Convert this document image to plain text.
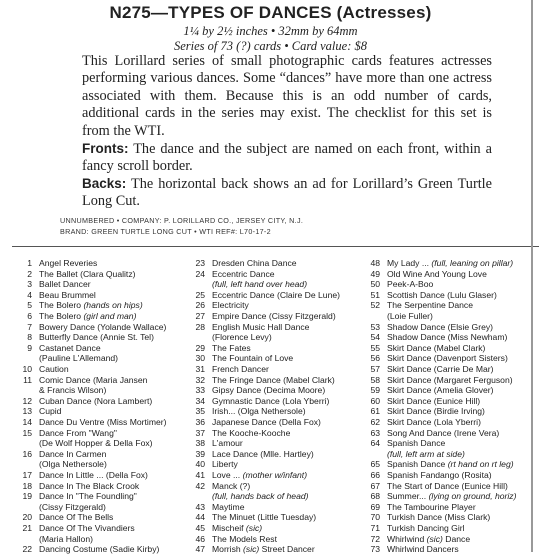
N275—TYPES OF DANCES (Actresses)
1¼ by 2½ inches • 32mm by 64mm
Series of 73 (?) cards • Card value: $8
This Lorillard series of small photographic cards features actresses performing various dances. Some “dances” have more than one actress associated with them. Because this is an odd number of cards, additional cards in the series may exist. The checklist for this set is from the WTI.
Fronts: The dance and the subject are named on each front, within a fancy scroll border.
Backs: The horizontal back shows an ad for Lorillard’s Green Turtle Long Cut.
UNNUMBERED • COMPANY: P. LORILLARD CO., JERSEY CITY, N.J.
BRAND: GREEN TURTLE LONG CUT • WTI REF#: L70-17-2
1 Angel Reveries
2 The Ballet (Clara Qualitz)
3 Ballet Dancer
4 Beau Brummel
5 The Bolero (hands on hips)
6 The Bolero (girl and man)
7 Bowery Dance (Yolande Wallace)
8 Butterfly Dance (Annie St. Tel)
9 Castanet Dance
(Pauline L'Allemand)
10 Caution
11 Comic Dance (Maria Jansen
& Francis Wilson)
12 Cuban Dance (Nora Lambert)
13 Cupid
14 Dance Du Ventre (Miss Mortimer)
15 Dance From "Wang"
(De Wolf Hopper & Della Fox)
16 Dance In Carmen
(Olga Nethersole)
17 Dance In Little ... (Della Fox)
18 Dance In The Black Crook
19 Dance In "The Foundling"
(Cissy Fitzgerald)
20 Dance Of The Bells
21 Dance Of The Vivandiers
(Maria Hallon)
22 Dancing Costume (Sadie Kirby)
23 Dresden China Dance
24 Eccentric Dance
(full, left hand over head)
25 Eccentric Dance (Claire De Lune)
26 Electricity
27 Empire Dance (Cissy Fitzgerald)
28 English Music Hall Dance
(Florence Levy)
29 The Fates
30 The Fountain of Love
31 French Dancer
32 The Fringe Dance (Mabel Clark)
33 Gipsy Dance (Decima Moore)
34 Gymnastic Dance (Lola Yberri)
35 Irish... (Olga Nethersole)
36 Japanese Dance (Della Fox)
37 The Kooche-Kooche
38 L'amour
39 Lace Dance (Mlle. Hartley)
40 Liberty
41 Love ... (mother w/infant)
42 Manck (?)
(full, hands back of head)
43 Maytime
44 The Minuet (Little Tuesday)
45 Mischeif (sic)
46 The Models Rest
47 Morrish (sic) Street Dancer
48 My Lady ... (full, leaning on pillar)
49 Old Wine And Young Love
50 Peek-A-Boo
51 Scottish Dance (Lulu Glaser)
52 The Serpentine Dance
(Loie Fuller)
53 Shadow Dance (Elsie Grey)
54 Shadow Dance (Miss Newham)
55 Skirt Dance (Mabel Clark)
56 Skirt Dance (Davenport Sisters)
57 Skirt Dance (Carrie De Mar)
58 Skirt Dance (Margaret Ferguson)
59 Skirt Dance (Amelia Glover)
60 Skirt Dance (Eunice Hill)
61 Skirt Dance (Birdie Irving)
62 Skirt Dance (Lola Yberri)
63 Song And Dance (Irene Vera)
64 Spanish Dance
(full, left arm at side)
65 Spanish Dance (rt hand on rt leg)
66 Spanish Fandango (Rosita)
67 The Start of Dance (Eunice Hill)
68 Summer... (lying on ground, horiz)
69 The Tambourine Player
70 Turkish Dance (Miss Clark)
71 Turkish Dancing Girl
72 Whirlwind (sic) Dance
73 Whirlwind Dancers
